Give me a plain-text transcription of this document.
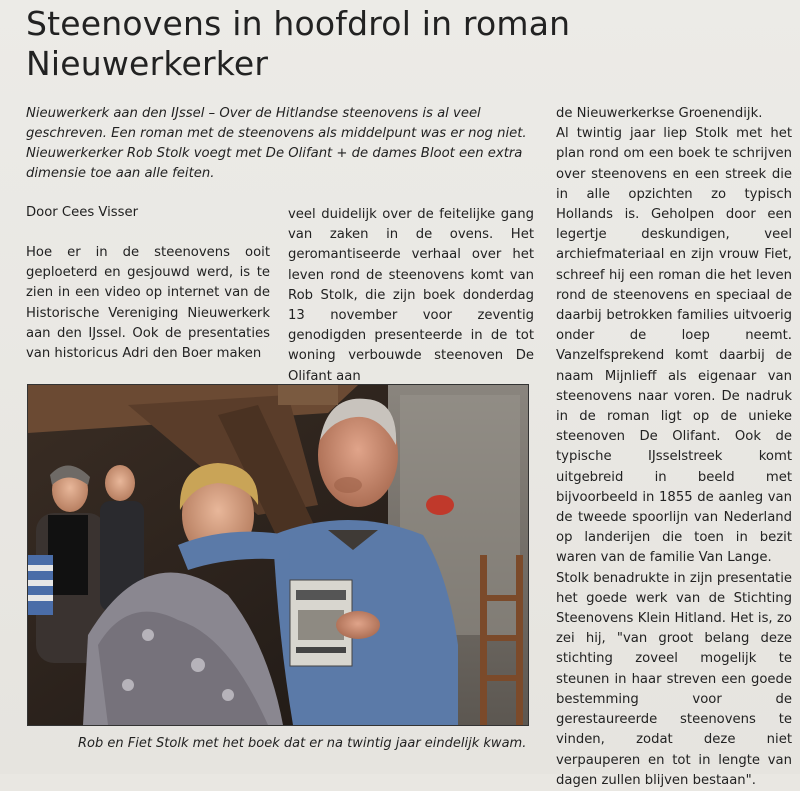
Steenovens in hoofdrol in roman Nieuwerkerker

Nieuwerkerk aan den IJssel – Over de Hitlandse steenovens is al veel geschreven. Een roman met de steenovens als middelpunt was er nog niet. Nieuwerkerker Rob Stolk voegt met De Olifant + de dames Bloot een extra dimensie toe aan alle feiten.

Door Cees Visser

Hoe er in de steenovens ooit geploeterd en gesjouwd werd, is te zien in een video op internet van de Historische Vereniging Nieuwerkerk aan den IJssel. Ook de presentaties van historicus Adri den Boer maken

veel duidelijk over de feitelijke gang van zaken in de ovens. Het geromantiseerde verhaal over het leven rond de steenovens komt van Rob Stolk, die zijn boek donderdag 13 november voor zeventig genodigden presenteerde in de tot woning verbouwde steenoven De Olifant aan

de Nieuwerkerkse Groenendijk.

Al twintig jaar liep Stolk met het plan rond om een boek te schrijven over steenovens en een streek die in alle opzichten zo typisch Hollands is. Geholpen door een legertje deskundigen, veel archiefmateriaal en zijn vrouw Fiet, schreef hij een roman die het leven rond de steenovens en speciaal de daarbij betrokken families uitvoerig onder de loep neemt. Vanzelfsprekend komt daarbij de naam Mijnlieff als eigenaar van steenovens naar voren. De nadruk in de roman ligt op de unieke steenoven De Olifant. Ook de typische IJsselstreek komt uitgebreid in beeld met bijvoorbeeld in 1855 de aanleg van de tweede spoorlijn van Nederland op landerijen die toen in bezit waren van de familie Van Lange.

Stolk benadrukte in zijn presentatie het goede werk van de Stichting Steenovens Klein Hitland. Het is, zo zei hij, "van groot belang deze stichting zoveel mogelijk te steunen in haar streven een goede bestemming voor de gerestaureerde steenovens te vinden, zodat deze niet verpauperen en tot in lengte van dagen zullen blijven bestaan".

Rob en Fiet Stolk met het boek dat er na twintig jaar eindelijk kwam.
